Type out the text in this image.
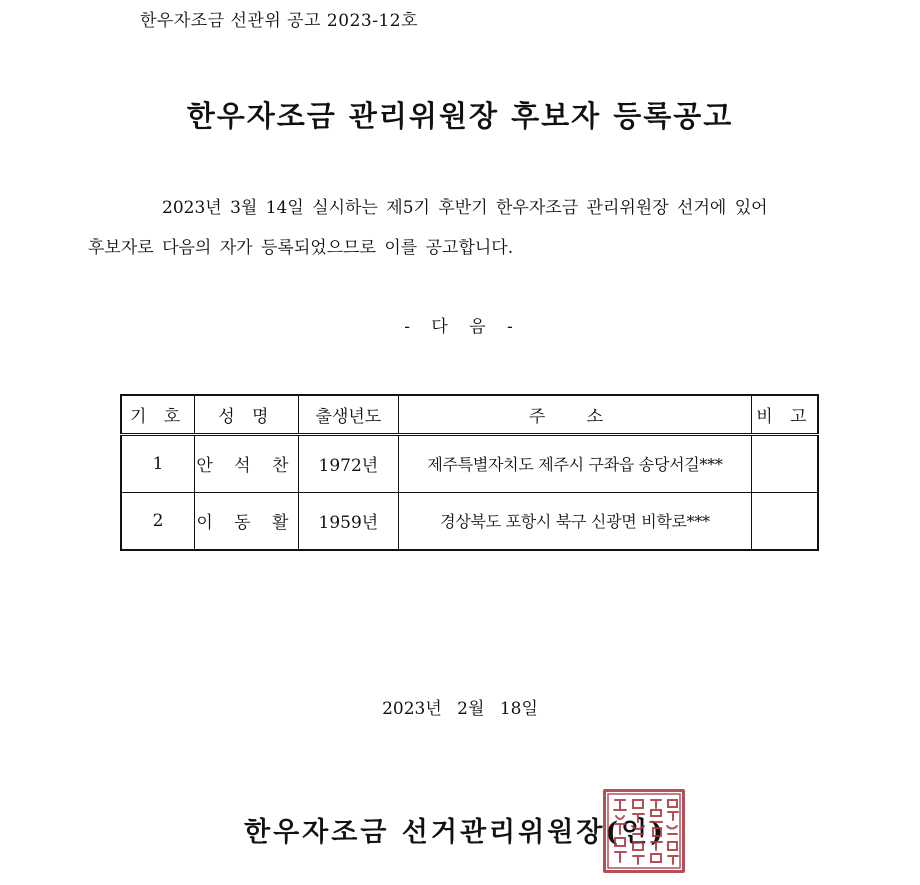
한우자조금 선관위 공고 2023-12호
한우자조금 관리위원장 후보자 등록공고

2023년 3월 14일 실시하는 제5기 후반기 한우자조금 관리위원장 선거에 있어

후보자로 다음의 자가 등록되었으므로 이를 공고합니다.

- 다 음 -
기 호	성 명	출생년도	주 소	비 고
1	안 석 찬	1972년	제주특별자치도 제주시 구좌읍 송당서길***	
2	이 동 활	1959년	경상북도 포항시 북구 신광면 비학로***	
2023년 2월 18일
한우자조금 선거관리위원장(인)
